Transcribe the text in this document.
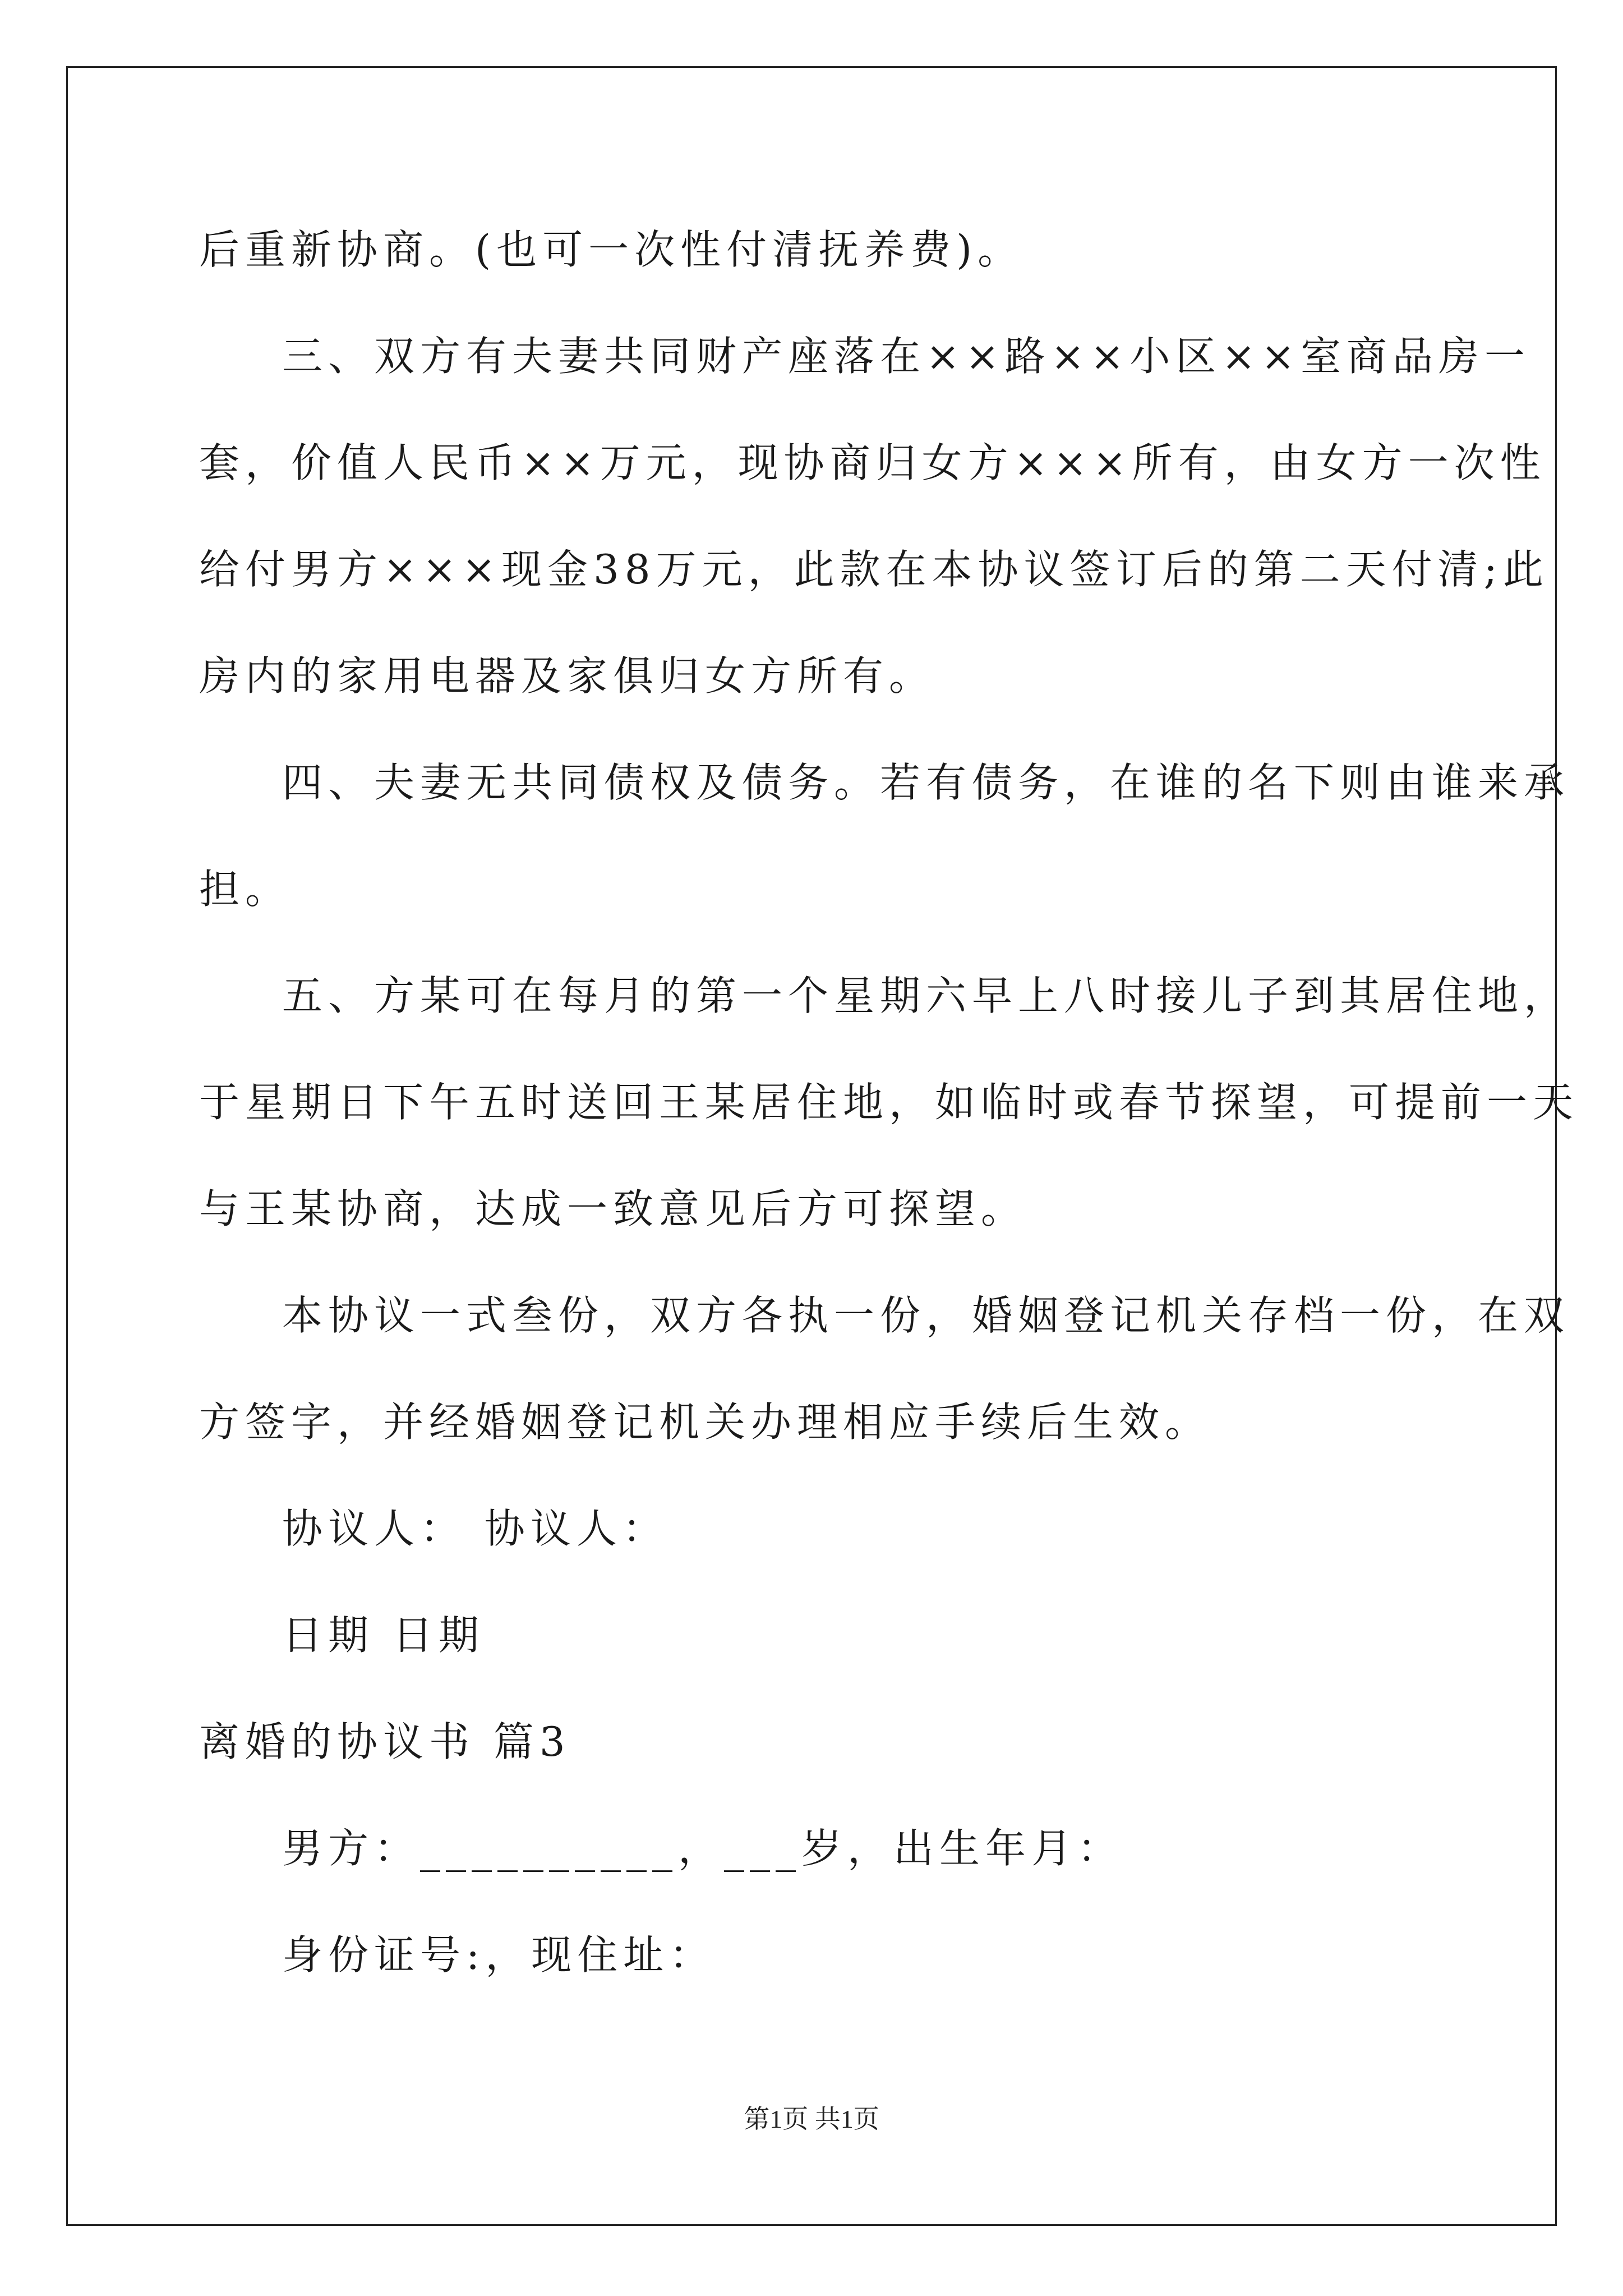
后重新协商。(也可一次性付清抚养费)。
三、双方有夫妻共同财产座落在××路××小区××室商品房一
套，价值人民币××万元，现协商归女方×××所有，由女方一次性
给付男方×××现金38万元，此款在本协议签订后的第二天付清;此
房内的家用电器及家俱归女方所有。
四、夫妻无共同债权及债务。若有债务，在谁的名下则由谁来承
担。
五、方某可在每月的第一个星期六早上八时接儿子到其居住地，
于星期日下午五时送回王某居住地，如临时或春节探望，可提前一天
与王某协商，达成一致意见后方可探望。
本协议一式叁份，双方各执一份，婚姻登记机关存档一份，在双
方签字，并经婚姻登记机关办理相应手续后生效。
协议人： 协议人：
日期 日期
离婚的协议书 篇3
男方：__________，___岁，出生年月：
身份证号:，现住址：
第1页 共1页
